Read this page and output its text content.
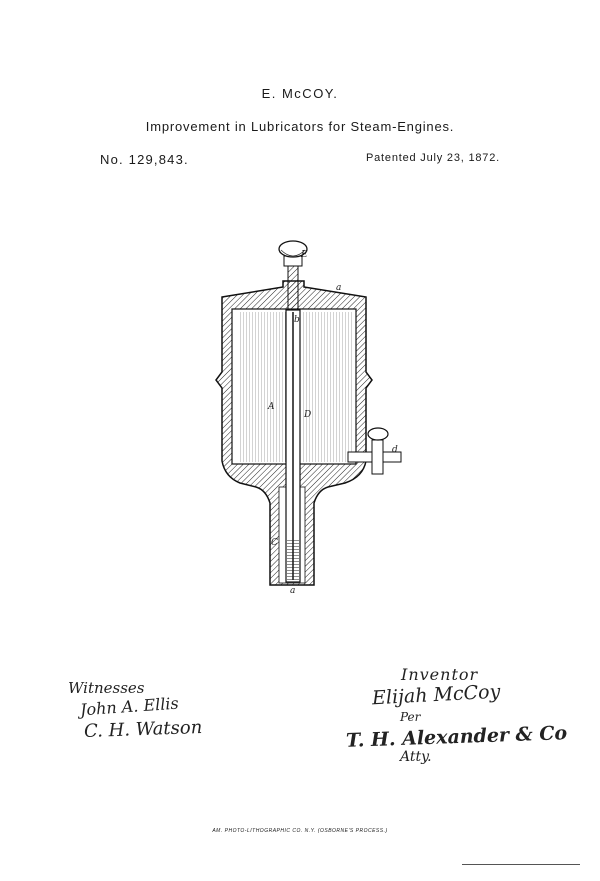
E. McCOY.
Improvement in Lubricators for Steam-Engines.
No. 129,843.	Patented July 23, 1872.
E
a
b
A
D
d
C
a
Witnesses
John A. Ellis
C. H. Watson
Inventor
Elijah McCoy
Per
T. H. Alexander & Co
Atty.
AM. PHOTO-LITHOGRAPHIC CO. N.Y. (OSBORNE'S PROCESS.)
